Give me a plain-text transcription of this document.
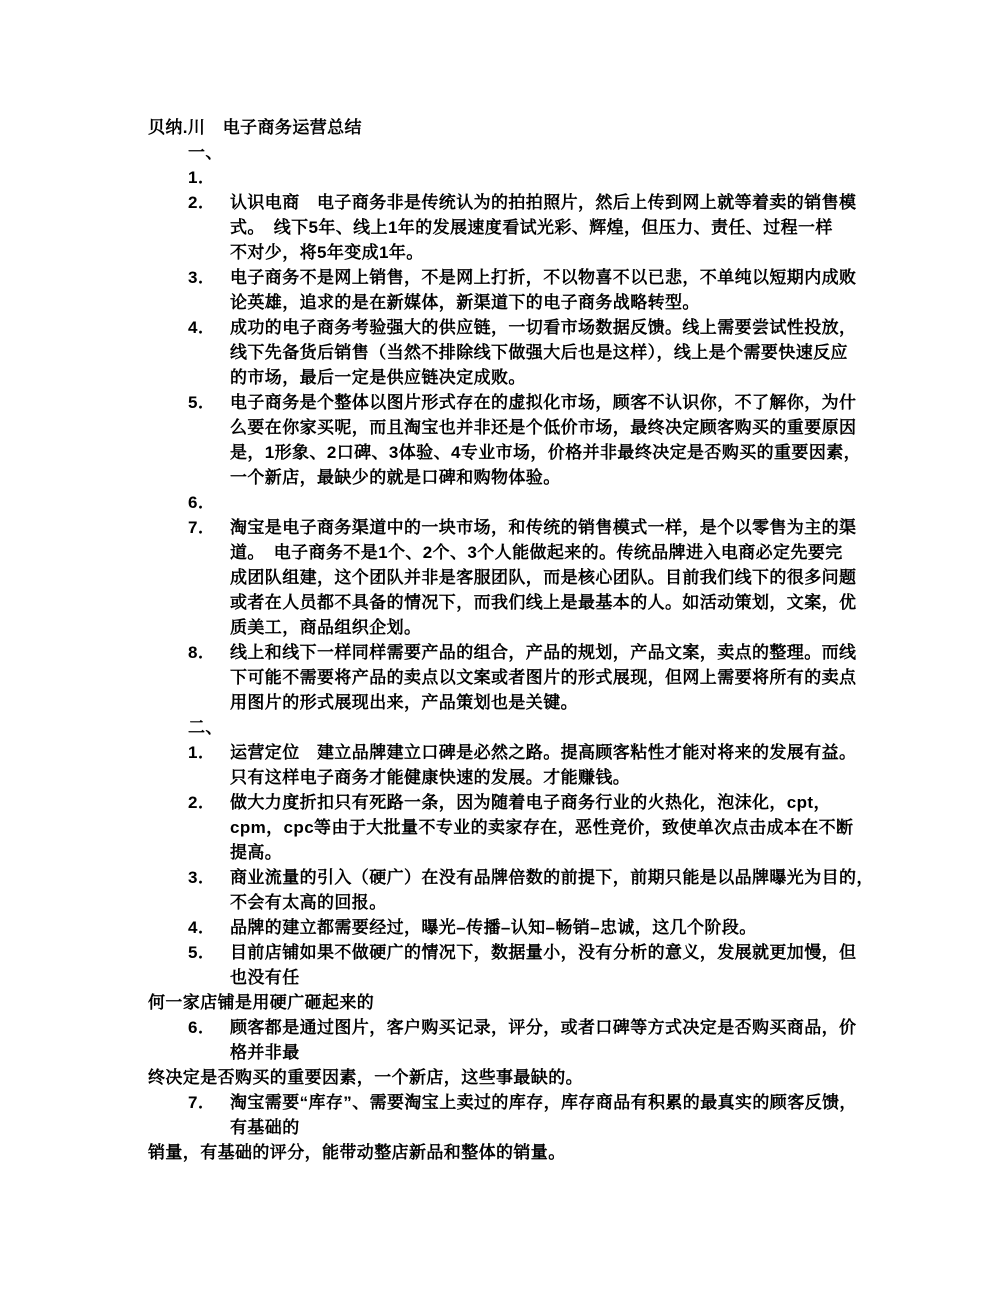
贝纳.川　电子商务运营总结
一、
1．
2． 认识电商　电子商务非是传统认为的拍拍照片，然后上传到网上就等着卖的销售模
式。　线下5年、线上1年的发展速度看试光彩、辉煌，但压力、责任、过程一样
不对少，将5年变成1年。
3． 电子商务不是网上销售，不是网上打折，不以物喜不以已悲，不单纯以短期内成败
论英雄，追求的是在新媒体，新渠道下的电子商务战略转型。
4． 成功的电子商务考验强大的供应链，一切看市场数据反馈。线上需要尝试性投放，
线下先备货后销售（当然不排除线下做强大后也是这样），线上是个需要快速反应
的市场，最后一定是供应链决定成败。
5． 电子商务是个整体以图片形式存在的虚拟化市场，顾客不认识你，不了解你，为什
么要在你家买呢，而且淘宝也并非还是个低价市场，最终决定顾客购买的重要原因
是，1形象、2口碑、3体验、4专业市场，价格并非最终决定是否购买的重要因素，
一个新店，最缺少的就是口碑和购物体验。
6．
7． 淘宝是电子商务渠道中的一块市场，和传统的销售模式一样，是个以零售为主的渠
道。　电子商务不是1个、2个、3个人能做起来的。传统品牌进入电商必定先要完
成团队组建，这个团队并非是客服团队，而是核心团队。目前我们线下的很多问题
或者在人员都不具备的情况下，而我们线上是最基本的人。如活动策划，文案，优
质美工，商品组织企划。
8． 线上和线下一样同样需要产品的组合，产品的规划，产品文案，卖点的整理。而线
下可能不需要将产品的卖点以文案或者图片的形式展现，但网上需要将所有的卖点
用图片的形式展现出来，产品策划也是关键。
二、
1． 运营定位　建立品牌建立口碑是必然之路。提高顾客粘性才能对将来的发展有益。
只有这样电子商务才能健康快速的发展。才能赚钱。
2． 做大力度折扣只有死路一条，因为随着电子商务行业的火热化，泡沫化，cpt，
cpm，cpc等由于大批量不专业的卖家存在，恶性竞价，致使单次点击成本在不断
提高。
3． 商业流量的引入（硬广）在没有品牌倍数的前提下，前期只能是以品牌曝光为目的，
不会有太高的回报。
4． 品牌的建立都需要经过，曝光–传播–认知–畅销–忠诚，这几个阶段。
5． 目前店铺如果不做硬广的情况下，数据量小，没有分析的意义，发展就更加慢，但
也没有任
何一家店铺是用硬广砸起来的
6． 顾客都是通过图片，客户购买记录，评分，或者口碑等方式决定是否购买商品，价
格并非最
终决定是否购买的重要因素，一个新店，这些事最缺的。
7． 淘宝需要“库存”、需要淘宝上卖过的库存，库存商品有积累的最真实的顾客反馈，
有基础的
销量，有基础的评分，能带动整店新品和整体的销量。
